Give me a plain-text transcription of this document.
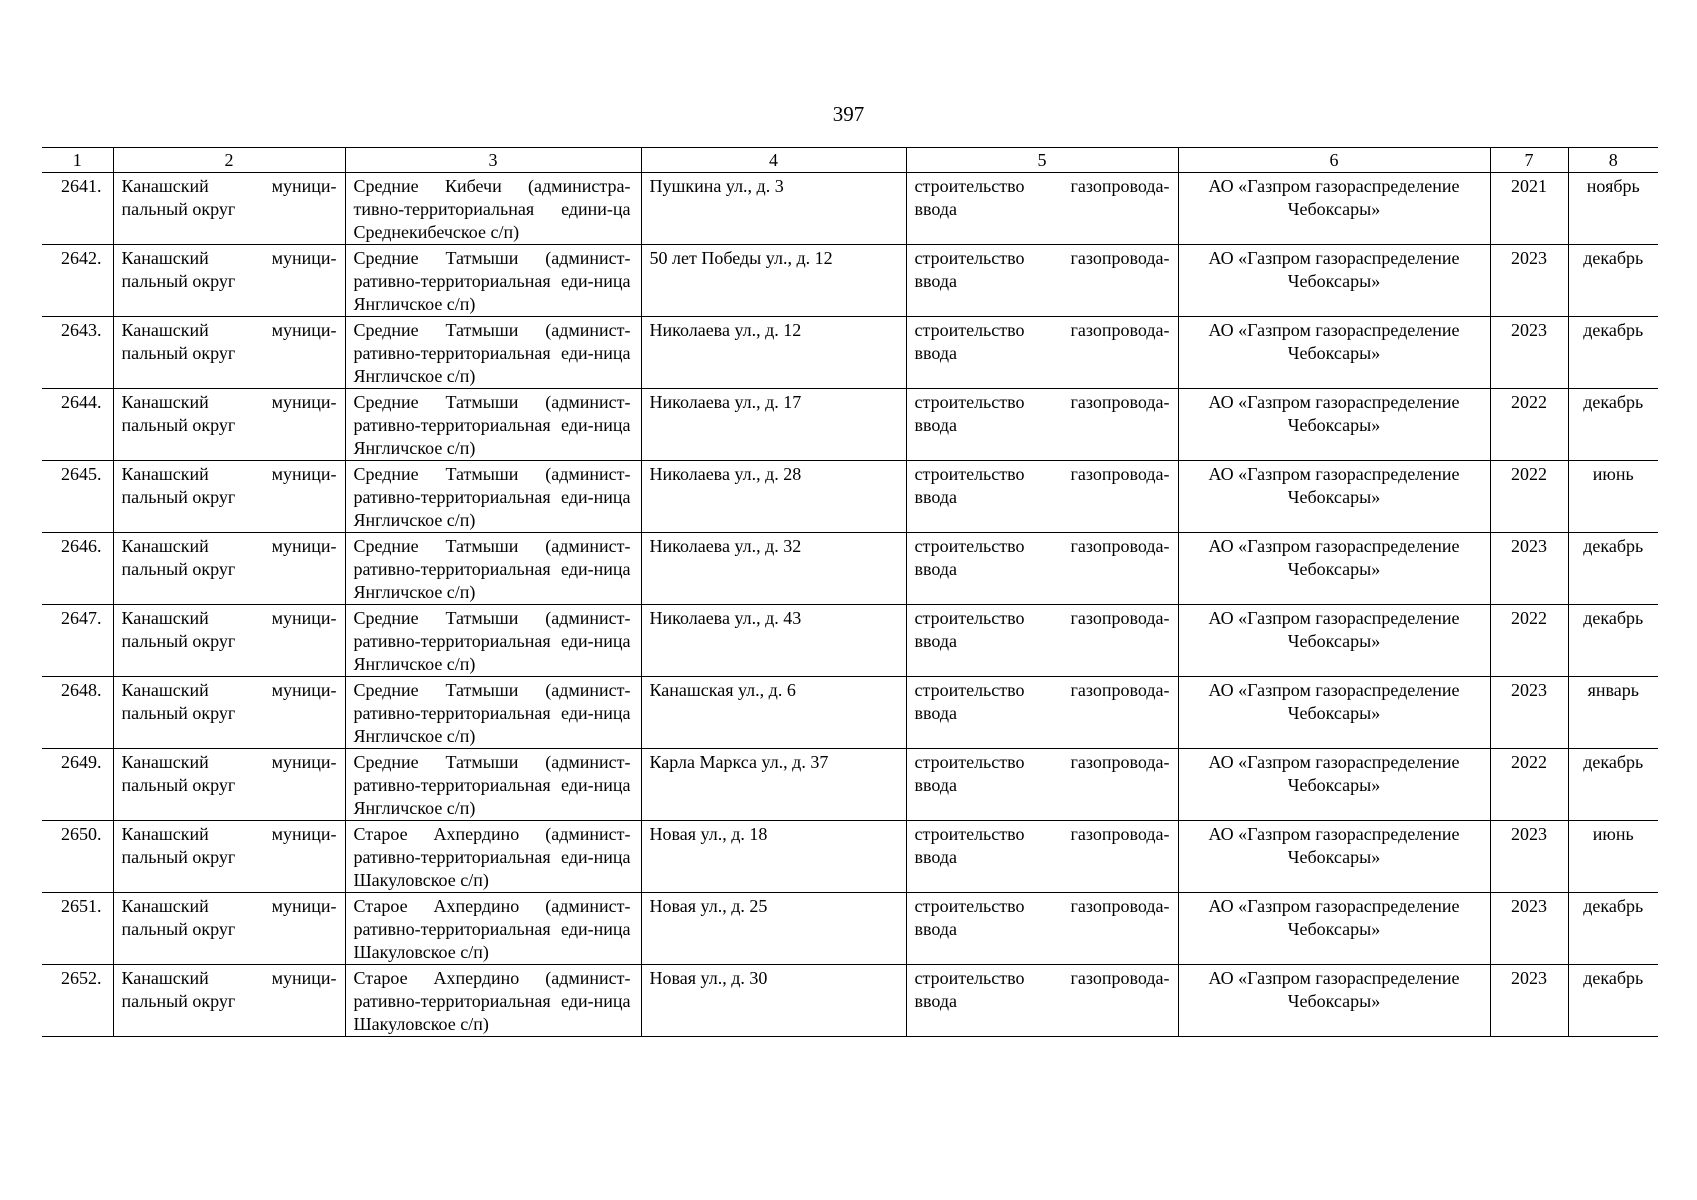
397
1	2	3	4	5	6	7	8
2641.	Канашский муници-пальный округ	Средние Кибечи (администра-тивно-территориальная едини-ца Среднекибечское с/п)	Пушкина ул., д. 3	строительство газопровода-ввода	АО «Газпром газораспределение Чебоксары»	2021	ноябрь
2642.	Канашский муници-пальный округ	Средние Татмыши (админист-ративно-территориальная еди-ница Янгличское с/п)	50 лет Победы ул., д. 12	строительство газопровода-ввода	АО «Газпром газораспределение Чебоксары»	2023	декабрь
2643.	Канашский муници-пальный округ	Средние Татмыши (админист-ративно-территориальная еди-ница Янгличское с/п)	Николаева ул., д. 12	строительство газопровода-ввода	АО «Газпром газораспределение Чебоксары»	2023	декабрь
2644.	Канашский муници-пальный округ	Средние Татмыши (админист-ративно-территориальная еди-ница Янгличское с/п)	Николаева ул., д. 17	строительство газопровода-ввода	АО «Газпром газораспределение Чебоксары»	2022	декабрь
2645.	Канашский муници-пальный округ	Средние Татмыши (админист-ративно-территориальная еди-ница Янгличское с/п)	Николаева ул., д. 28	строительство газопровода-ввода	АО «Газпром газораспределение Чебоксары»	2022	июнь
2646.	Канашский муници-пальный округ	Средние Татмыши (админист-ративно-территориальная еди-ница Янгличское с/п)	Николаева ул., д. 32	строительство газопровода-ввода	АО «Газпром газораспределение Чебоксары»	2023	декабрь
2647.	Канашский муници-пальный округ	Средние Татмыши (админист-ративно-территориальная еди-ница Янгличское с/п)	Николаева ул., д. 43	строительство газопровода-ввода	АО «Газпром газораспределение Чебоксары»	2022	декабрь
2648.	Канашский муници-пальный округ	Средние Татмыши (админист-ративно-территориальная еди-ница Янгличское с/п)	Канашская ул., д. 6	строительство газопровода-ввода	АО «Газпром газораспределение Чебоксары»	2023	январь
2649.	Канашский муници-пальный округ	Средние Татмыши (админист-ративно-территориальная еди-ница Янгличское с/п)	Карла Маркса ул., д. 37	строительство газопровода-ввода	АО «Газпром газораспределение Чебоксары»	2022	декабрь
2650.	Канашский муници-пальный округ	Старое Ахпердино (админист-ративно-территориальная еди-ница Шакуловское с/п)	Новая ул., д. 18	строительство газопровода-ввода	АО «Газпром газораспределение Чебоксары»	2023	июнь
2651.	Канашский муници-пальный округ	Старое Ахпердино (админист-ративно-территориальная еди-ница Шакуловское с/п)	Новая ул., д. 25	строительство газопровода-ввода	АО «Газпром газораспределение Чебоксары»	2023	декабрь
2652.	Канашский муници-пальный округ	Старое Ахпердино (админист-ративно-территориальная еди-ница Шакуловское с/п)	Новая ул., д. 30	строительство газопровода-ввода	АО «Газпром газораспределение Чебоксары»	2023	декабрь
